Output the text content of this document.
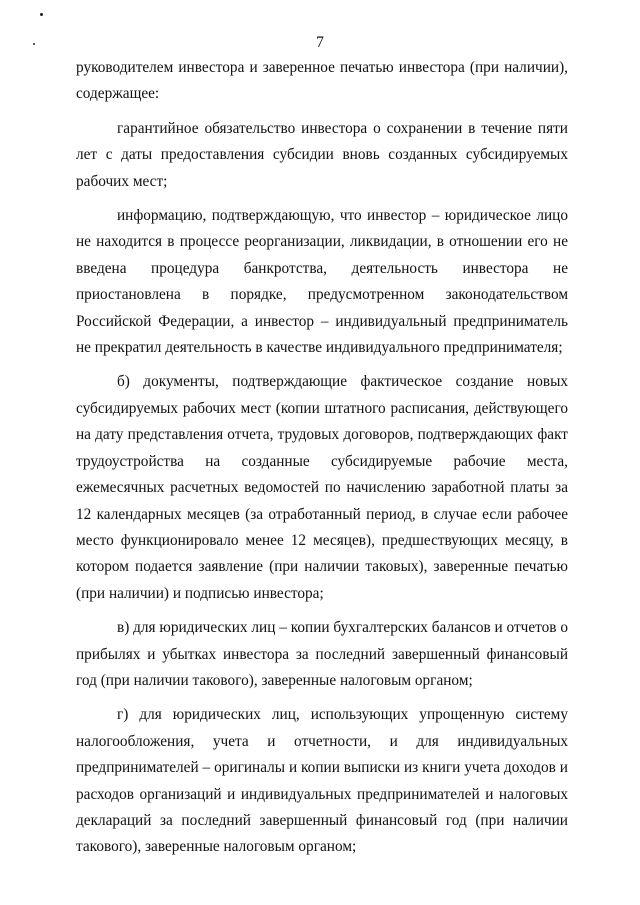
7

руководителем инвестора и заверенное печатью инвестора (при наличии), содержащее:

гарантийное обязательство инвестора о сохранении в течение пяти лет с даты предоставления субсидии вновь созданных субсидируемых рабочих мест;

информацию, подтверждающую, что инвестор – юридическое лицо не находится в процессе реорганизации, ликвидации, в отношении его не введена процедура банкротства, деятельность инвестора не приостановлена в порядке, предусмотренном законодательством Российской Федерации, а инвестор – индивидуальный предприниматель не прекратил деятельность в качестве индивидуального предпринимателя;

б) документы, подтверждающие фактическое создание новых субсидируемых рабочих мест (копии штатного расписания, действующего на дату представления отчета, трудовых договоров, подтверждающих факт трудоустройства на созданные субсидируемые рабочие места, ежемесячных расчетных ведомостей по начислению заработной платы за 12 календарных месяцев (за отработанный период, в случае если рабочее место функционировало менее 12 месяцев), предшествующих месяцу, в котором подается заявление (при наличии таковых), заверенные печатью (при наличии) и подписью инвестора;

в) для юридических лиц – копии бухгалтерских балансов и отчетов о прибылях и убытках инвестора за последний завершенный финансовый год (при наличии такового), заверенные налоговым органом;

г) для юридических лиц, использующих упрощенную систему налогообложения, учета и отчетности, и для индивидуальных предпринимателей – оригиналы и копии выписки из книги учета доходов и расходов организаций и индивидуальных предпринимателей и налоговых деклараций за последний завершенный финансовый год (при наличии такового), заверенные налоговым органом;
